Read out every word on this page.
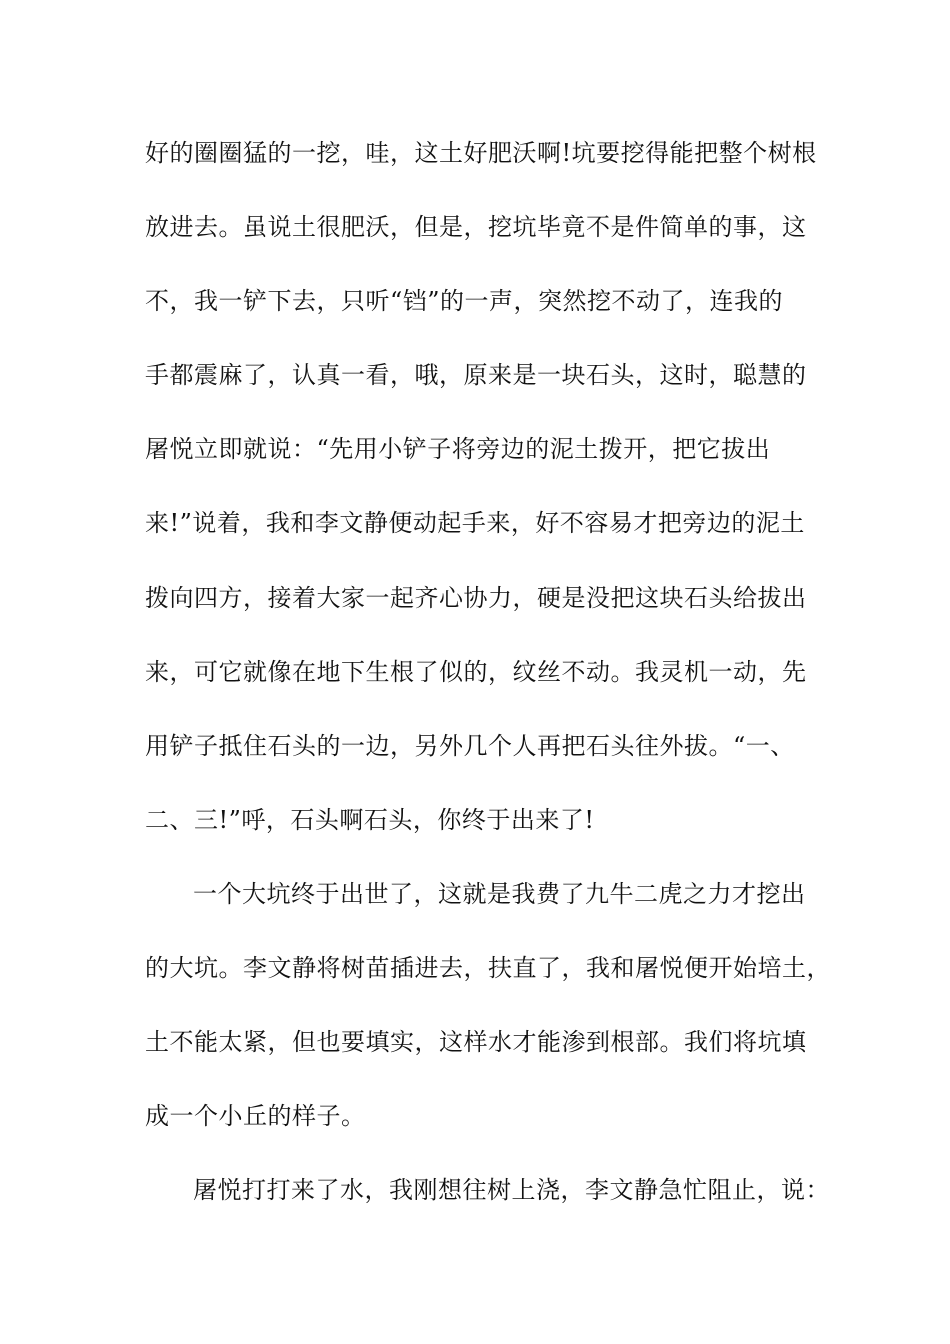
好的圈圈猛的一挖，哇，这土好肥沃啊!坑要挖得能把整个树根
放进去。虽说土很肥沃，但是，挖坑毕竟不是件简单的事，这
不，我一铲下去，只听“铛”的一声，突然挖不动了，连我的
手都震麻了，认真一看，哦，原来是一块石头，这时，聪慧的
屠悦立即就说：“先用小铲子将旁边的泥土拨开，把它拔出
来!”说着，我和李文静便动起手来，好不容易才把旁边的泥土
拨向四方，接着大家一起齐心协力，硬是没把这块石头给拔出
来，可它就像在地下生根了似的，纹丝不动。我灵机一动，先
用铲子抵住石头的一边，另外几个人再把石头往外拔。“一、
二、三!”呼，石头啊石头，你终于出来了!
一个大坑终于出世了，这就是我费了九牛二虎之力才挖出
的大坑。李文静将树苗插进去，扶直了，我和屠悦便开始培土，
土不能太紧，但也要填实，这样水才能渗到根部。我们将坑填
成一个小丘的样子。
屠悦打打来了水，我刚想往树上浇，李文静急忙阻止，说：
